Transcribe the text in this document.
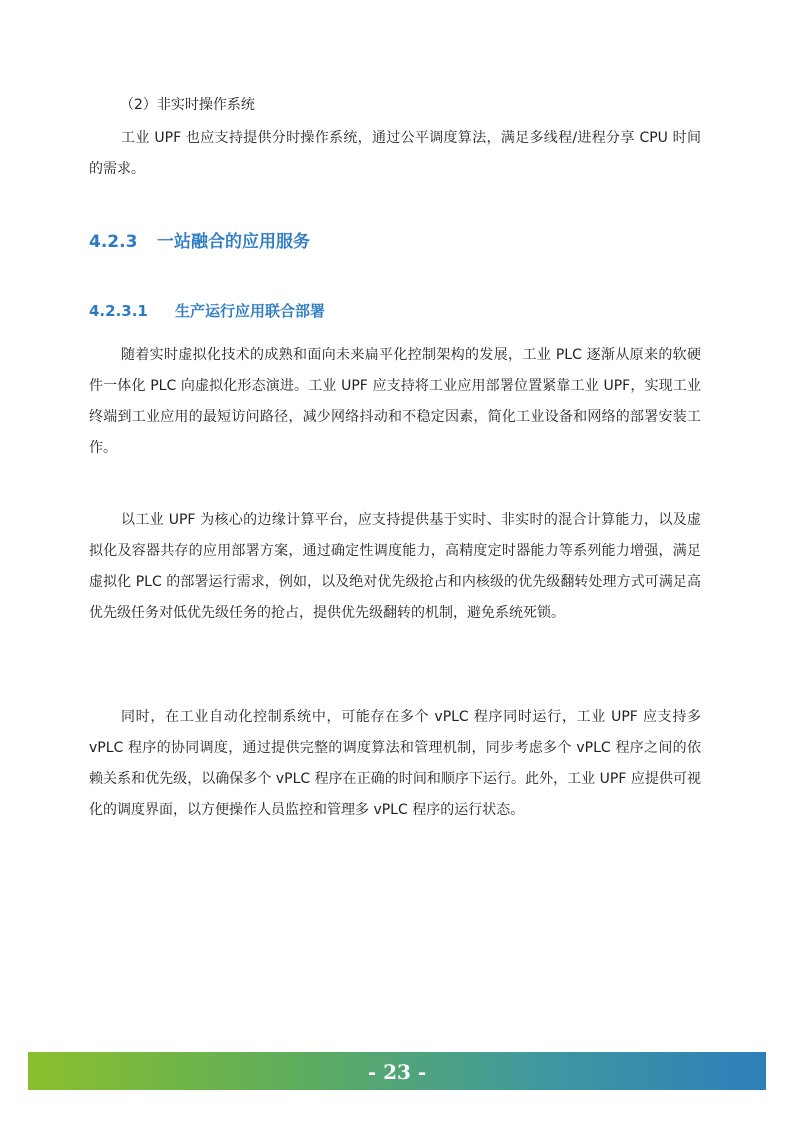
（2）非实时操作系统

工业 UPF 也应支持提供分时操作系统，通过公平调度算法，满足多线程/进程分享 CPU 时间的需求。

4.2.3 一站融合的应用服务
4.2.3.1 生产运行应用联合部署

随着实时虚拟化技术的成熟和面向未来扁平化控制架构的发展，工业 PLC 逐渐从原来的软硬件一体化 PLC 向虚拟化形态演进。工业 UPF 应支持将工业应用部署位置紧靠工业 UPF，实现工业终端到工业应用的最短访问路径，减少网络抖动和不稳定因素，简化工业设备和网络的部署安装工作。

以工业 UPF 为核心的边缘计算平台，应支持提供基于实时、非实时的混合计算能力，以及虚拟化及容器共存的应用部署方案，通过确定性调度能力，高精度定时器能力等系列能力增强，满足虚拟化 PLC 的部署运行需求，例如，以及绝对优先级抢占和内核级的优先级翻转处理方式可满足高优先级任务对低优先级任务的抢占，提供优先级翻转的机制，避免系统死锁。

同时，在工业自动化控制系统中，可能存在多个 vPLC 程序同时运行，工业 UPF 应支持多 vPLC 程序的协同调度，通过提供完整的调度算法和管理机制，同步考虑多个 vPLC 程序之间的依赖关系和优先级，以确保多个 vPLC 程序在正确的时间和顺序下运行。此外，工业 UPF 应提供可视化的调度界面，以方便操作人员监控和管理多 vPLC 程序的运行状态。

- 23 -
